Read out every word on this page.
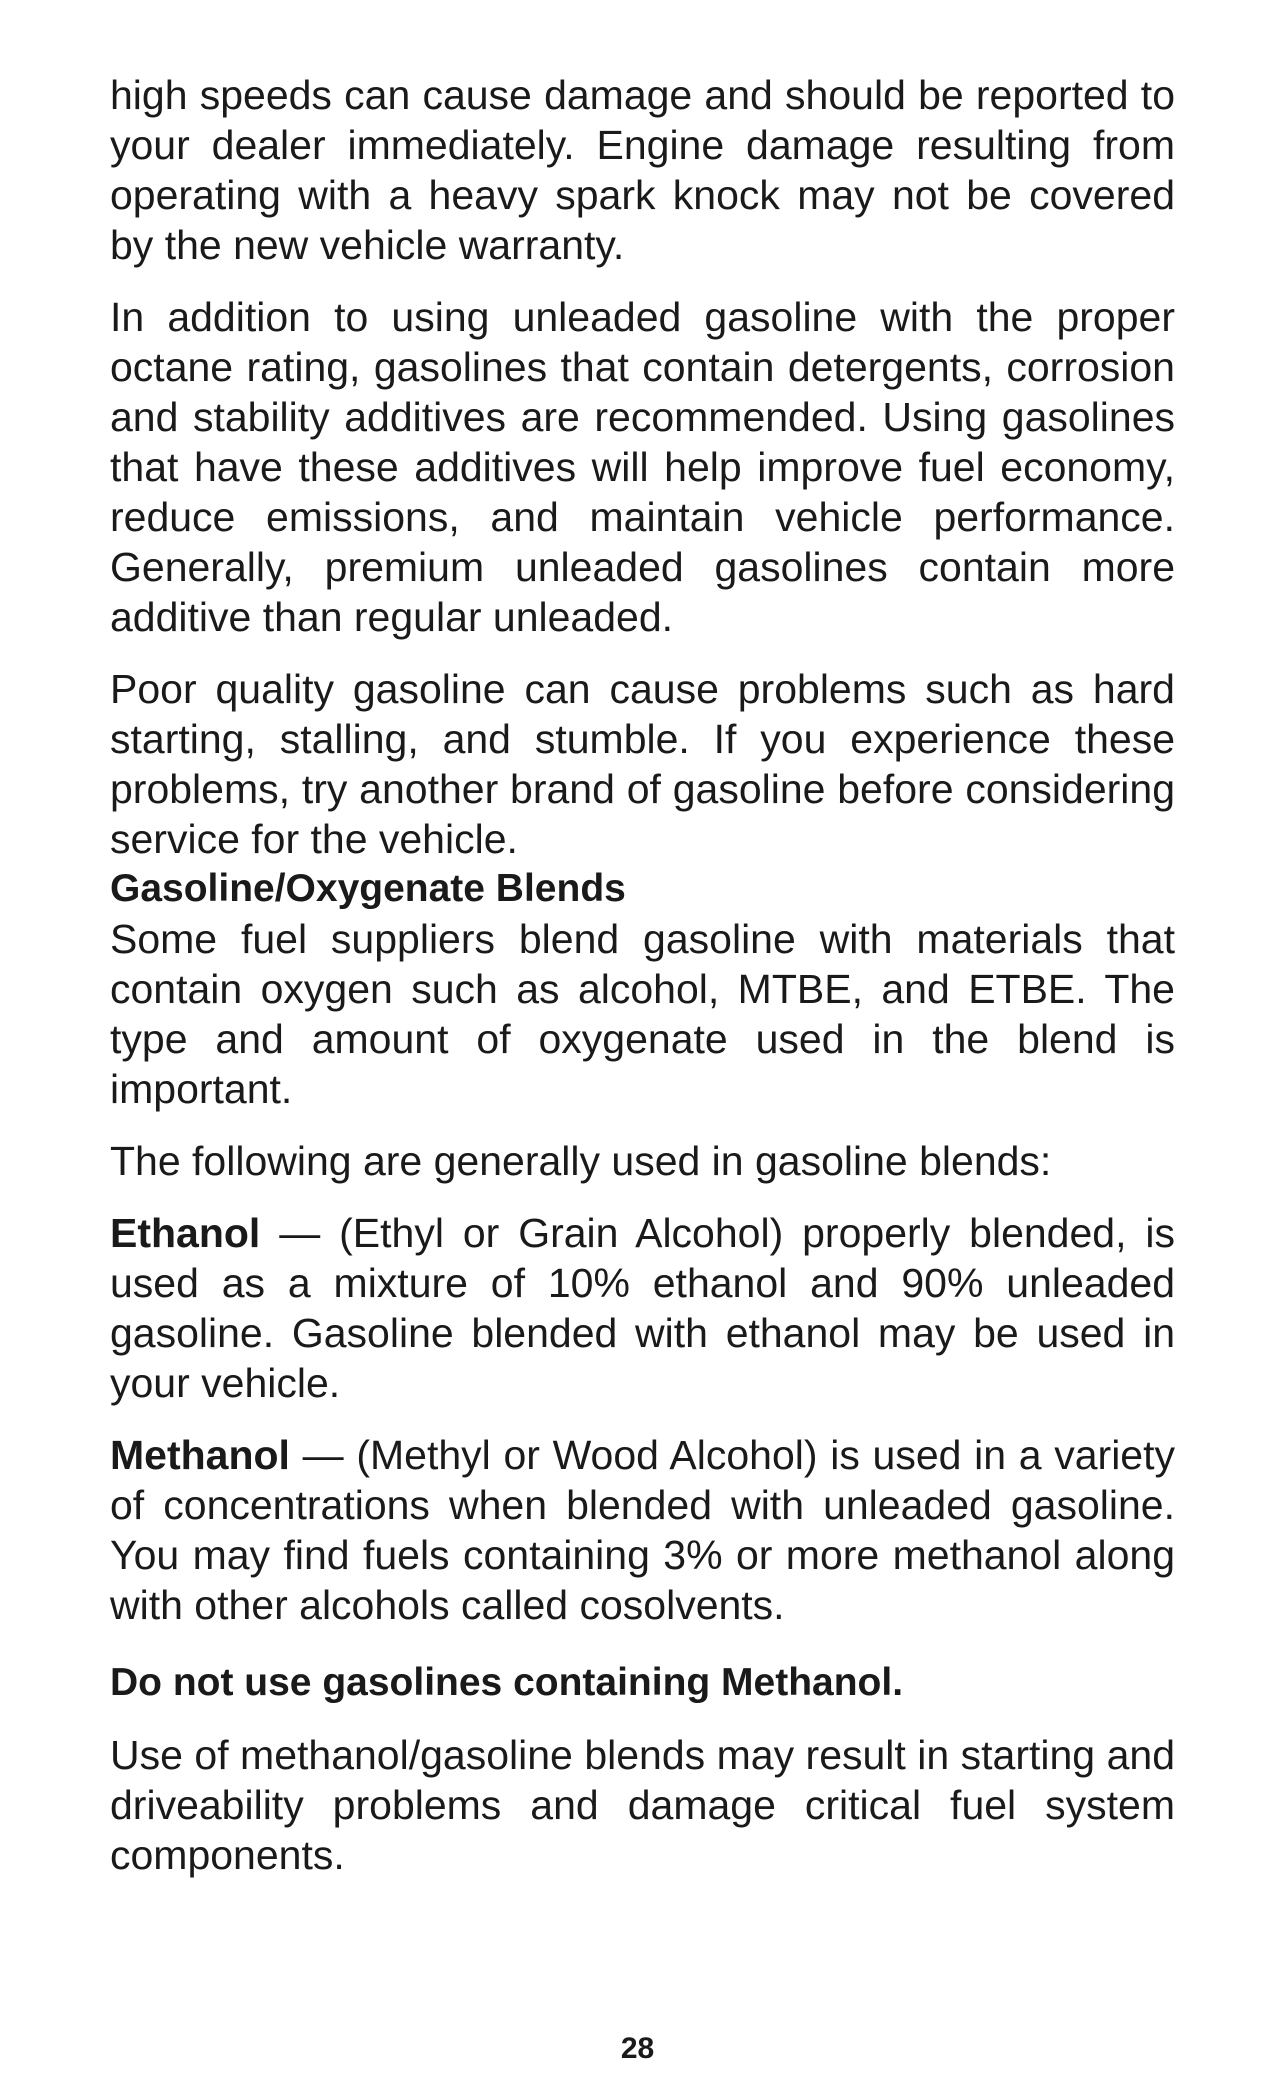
high speeds can cause damage and should be reported to your dealer immediately. Engine damage resulting from operating with a heavy spark knock may not be covered by the new vehicle warranty.

In addition to using unleaded gasoline with the proper octane rating, gasolines that contain detergents, corrosion and stability additives are recommended. Using gasolines that have these additives will help improve fuel economy, reduce emissions, and maintain vehicle performance. Generally, premium unleaded gasolines contain more additive than regular unleaded.

Poor quality gasoline can cause problems such as hard starting, stalling, and stumble. If you experience these problems, try another brand of gasoline before considering service for the vehicle.

Gasoline/Oxygenate Blends

Some fuel suppliers blend gasoline with materials that contain oxygen such as alcohol, MTBE, and ETBE. The type and amount of oxygenate used in the blend is important.

The following are generally used in gasoline blends:

Ethanol — (Ethyl or Grain Alcohol) properly blended, is used as a mixture of 10% ethanol and 90% unleaded gasoline. Gasoline blended with ethanol may be used in your vehicle.

Methanol — (Methyl or Wood Alcohol) is used in a variety of concentrations when blended with unleaded gasoline. You may find fuels containing 3% or more methanol along with other alcohols called cosolvents.

Do not use gasolines containing Methanol.

Use of methanol/gasoline blends may result in starting and driveability problems and damage critical fuel system components.

28
